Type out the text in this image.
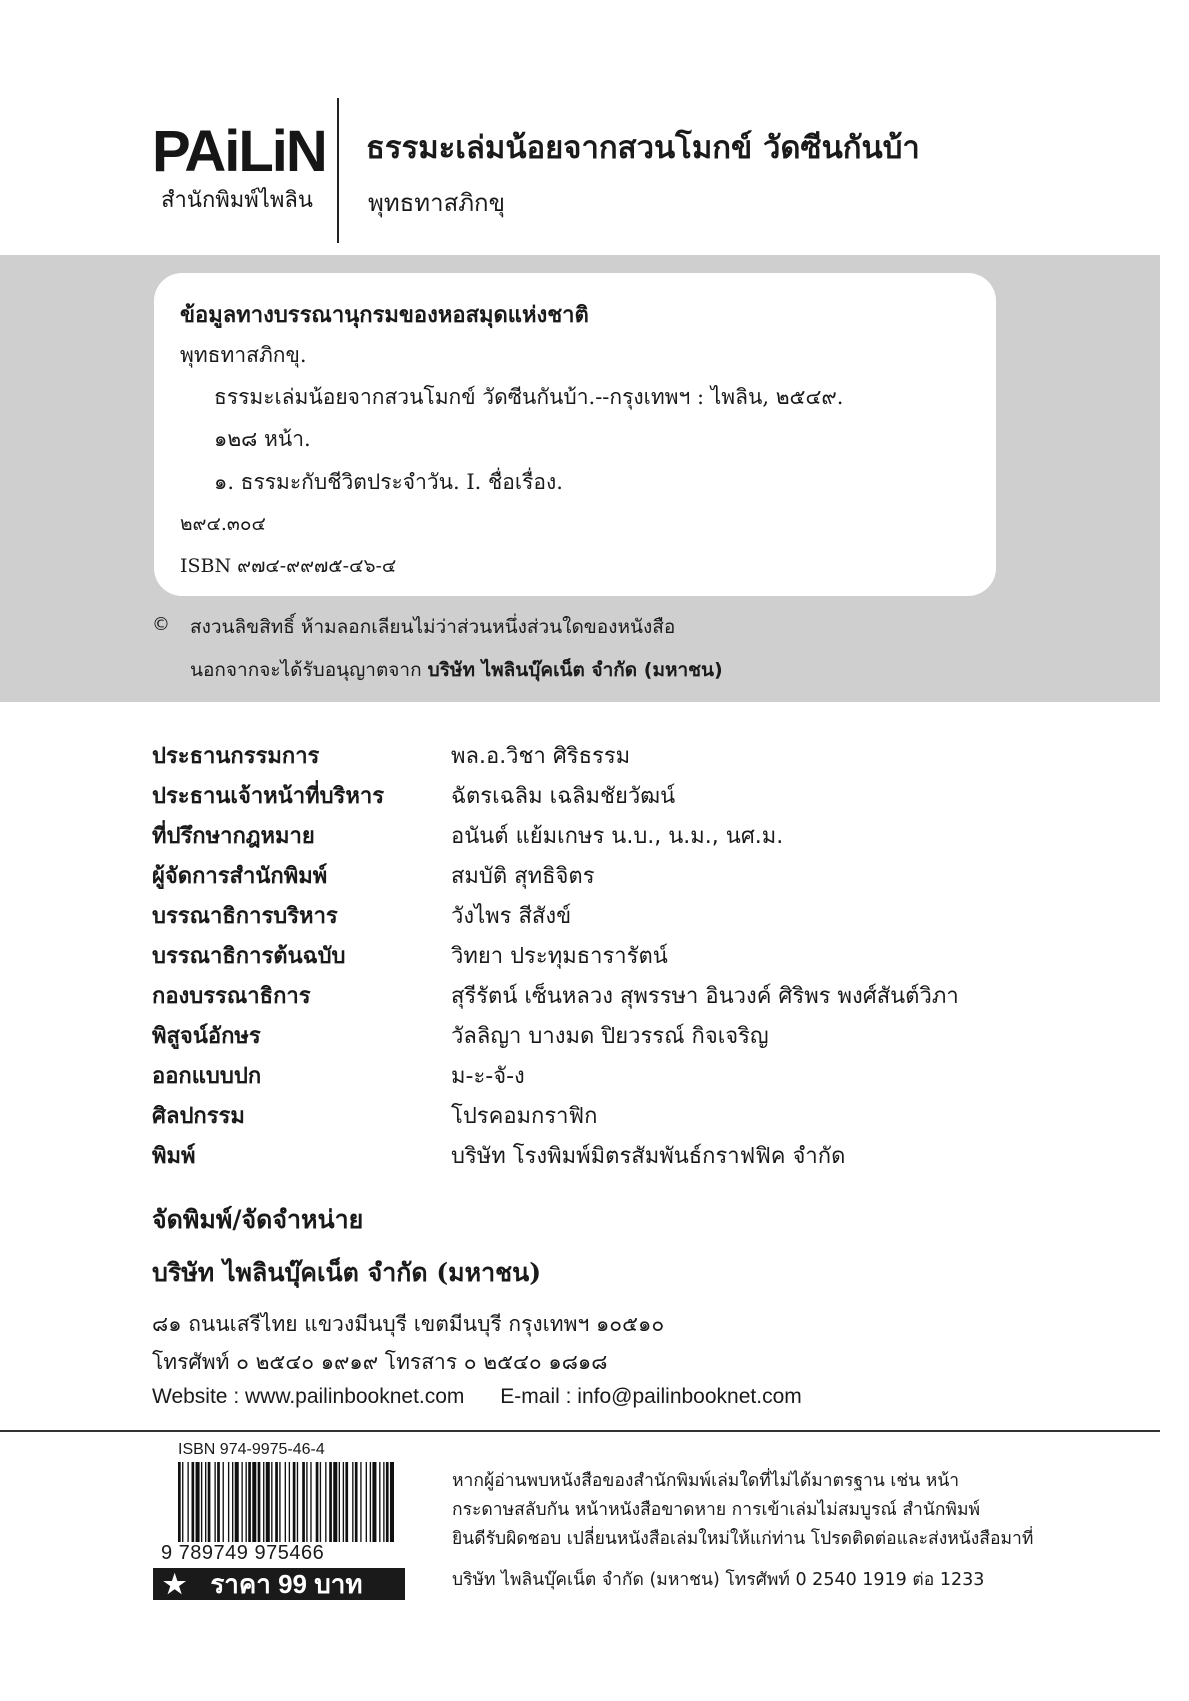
PAiLiN
สำนักพิมพ์ไพลิน
ธรรมะเล่มน้อยจากสวนโมกข์ วัดซีนกันบ้า
พุทธทาสภิกขุ
ข้อมูลทางบรรณานุกรมของหอสมุดแห่งชาติ
พุทธทาสภิกขุ.
ธรรมะเล่มน้อยจากสวนโมกข์ วัดซีนกันบ้า.--กรุงเทพฯ : ไพลิน, ๒๕๔๙.
๑๒๘ หน้า.
๑. ธรรมะกับชีวิตประจำวัน. I. ชื่อเรื่อง.
๒๙๔.๓๐๔
ISBN ๙๗๔-๙๙๗๕-๔๖-๔
© สงวนลิขสิทธิ์ ห้ามลอกเลียนไม่ว่าส่วนหนึ่งส่วนใดของหนังสือ
นอกจากจะได้รับอนุญาตจาก บริษัท ไพลินบุ๊คเน็ต จำกัด (มหาชน)
ประธานกรรมการ	พล.อ.วิชา ศิริธรรม
ประธานเจ้าหน้าที่บริหาร	ฉัตรเฉลิม เฉลิมชัยวัฒน์
ที่ปรึกษากฎหมาย	อนันต์ แย้มเกษร น.บ., น.ม., นศ.ม.
ผู้จัดการสำนักพิมพ์	สมบัติ สุทธิจิตร
บรรณาธิการบริหาร	วังไพร สีสังข์
บรรณาธิการต้นฉบับ	วิทยา ประทุมธารารัตน์
กองบรรณาธิการ	สุรีรัตน์ เซ็นหลวง สุพรรษา อินวงค์ ศิริพร พงศ์สันต์วิภา
พิสูจน์อักษร	วัลลิญา บางมด ปิยวรรณ์ กิจเจริญ
ออกแบบปก	ม-ะ-จั-ง
ศิลปกรรม	โปรคอมกราฟิก
พิมพ์	บริษัท โรงพิมพ์มิตรสัมพันธ์กราฟฟิค จำกัด
จัดพิมพ์/จัดจำหน่าย
บริษัท ไพลินบุ๊คเน็ต จำกัด (มหาชน)
๘๑ ถนนเสรีไทย แขวงมีนบุรี เขตมีนบุรี กรุงเทพฯ ๑๐๕๑๐
โทรศัพท์ ๐ ๒๕๔๐ ๑๙๑๙ โทรสาร ๐ ๒๕๔๐ ๑๘๑๘
Website : www.pailinbooknet.com E-mail : info@pailinbooknet.com
ISBN 974-9975-46-4
9 789749 975466
★ ราคา 99 บาท
หากผู้อ่านพบหนังสือของสำนักพิมพ์เล่มใดที่ไม่ได้มาตรฐาน เช่น หน้า
กระดาษสลับกัน หน้าหนังสือขาดหาย การเข้าเล่มไม่สมบูรณ์ สำนักพิมพ์
ยินดีรับผิดชอบ เปลี่ยนหนังสือเล่มใหม่ให้แก่ท่าน โปรดติดต่อและส่งหนังสือมาที่
บริษัท ไพลินบุ๊คเน็ต จำกัด (มหาชน) โทรศัพท์ 0 2540 1919 ต่อ 1233
